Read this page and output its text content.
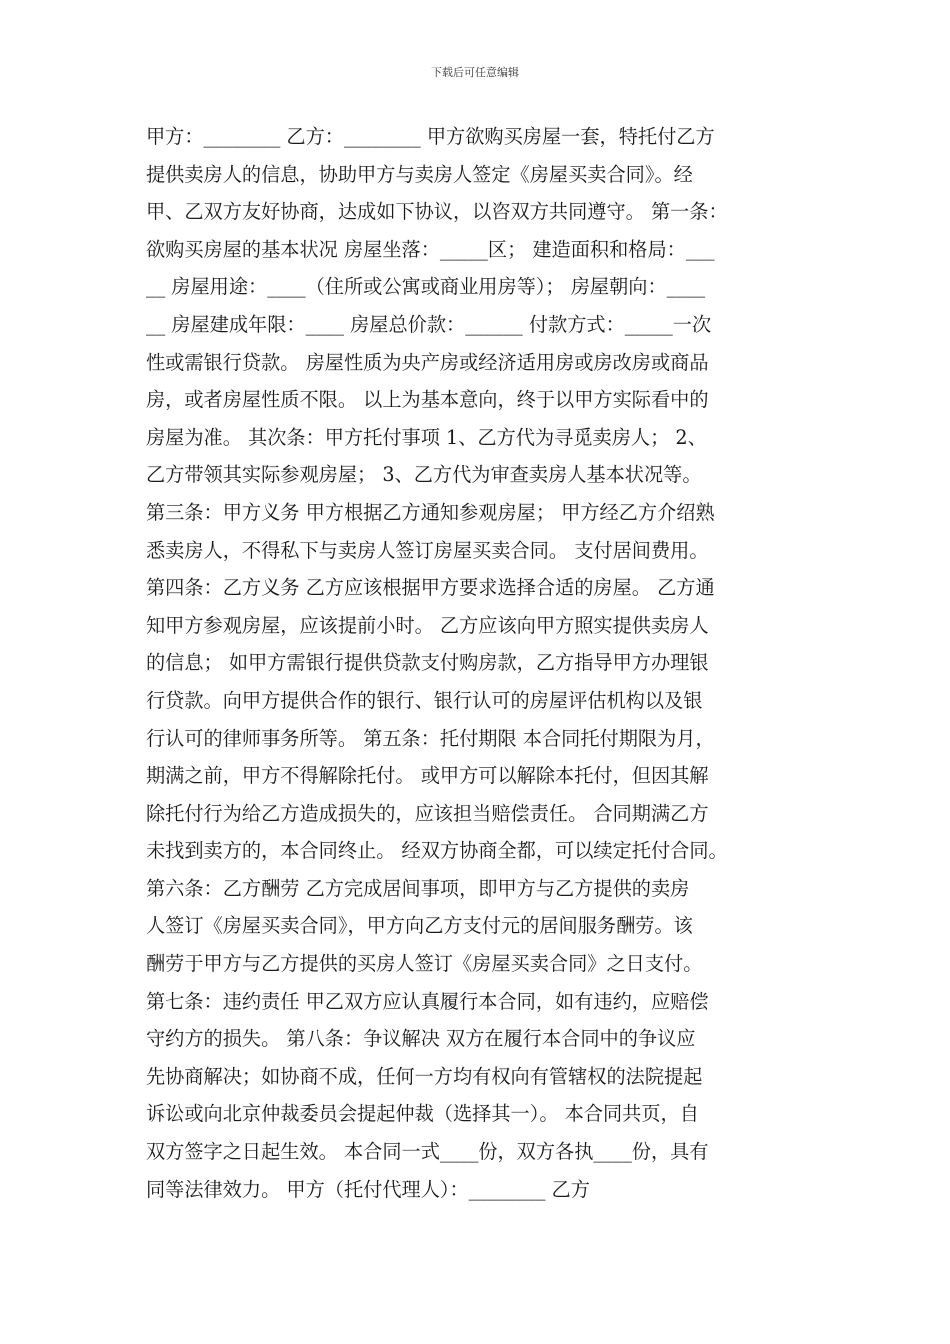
下载后可任意编辑
甲方：________ 乙方：________ 甲方欲购买房屋一套，特托付乙方
提供卖房人的信息，协助甲方与卖房人签定《房屋买卖合同》。经
甲、乙双方友好协商，达成如下协议，以咨双方共同遵守。 第一条：
欲购买房屋的基本状况 房屋坐落：_____区； 建造面积和格局：___
__ 房屋用途：____（住所或公寓或商业用房等）； 房屋朝向：____
__ 房屋建成年限：____ 房屋总价款：______ 付款方式：_____一次
性或需银行贷款。 房屋性质为央产房或经济适用房或房改房或商品
房，或者房屋性质不限。 以上为基本意向，终于以甲方实际看中的
房屋为准。 其次条：甲方托付事项 1、乙方代为寻觅卖房人； 2、
乙方带领其实际参观房屋； 3、乙方代为审查卖房人基本状况等。
第三条：甲方义务 甲方根据乙方通知参观房屋； 甲方经乙方介绍熟
悉卖房人，不得私下与卖房人签订房屋买卖合同。 支付居间费用。
第四条：乙方义务 乙方应该根据甲方要求选择合适的房屋。 乙方通
知甲方参观房屋，应该提前小时。 乙方应该向甲方照实提供卖房人
的信息； 如甲方需银行提供贷款支付购房款，乙方指导甲方办理银
行贷款。向甲方提供合作的银行、银行认可的房屋评估机构以及银
行认可的律师事务所等。 第五条：托付期限 本合同托付期限为月，
期满之前，甲方不得解除托付。 或甲方可以解除本托付，但因其解
除托付行为给乙方造成损失的，应该担当赔偿责任。 合同期满乙方
未找到卖方的，本合同终止。 经双方协商全都，可以续定托付合同。
第六条：乙方酬劳 乙方完成居间事项，即甲方与乙方提供的卖房
人签订《房屋买卖合同》，甲方向乙方支付元的居间服务酬劳。该
酬劳于甲方与乙方提供的买房人签订《房屋买卖合同》之日支付。
第七条：违约责任 甲乙双方应认真履行本合同，如有违约，应赔偿
守约方的损失。 第八条：争议解决 双方在履行本合同中的争议应
先协商解决；如协商不成，任何一方均有权向有管辖权的法院提起
诉讼或向北京仲裁委员会提起仲裁（选择其一）。 本合同共页，自
双方签字之日起生效。 本合同一式____份，双方各执____份，具有
同等法律效力。 甲方（托付代理人）：________ 乙方
